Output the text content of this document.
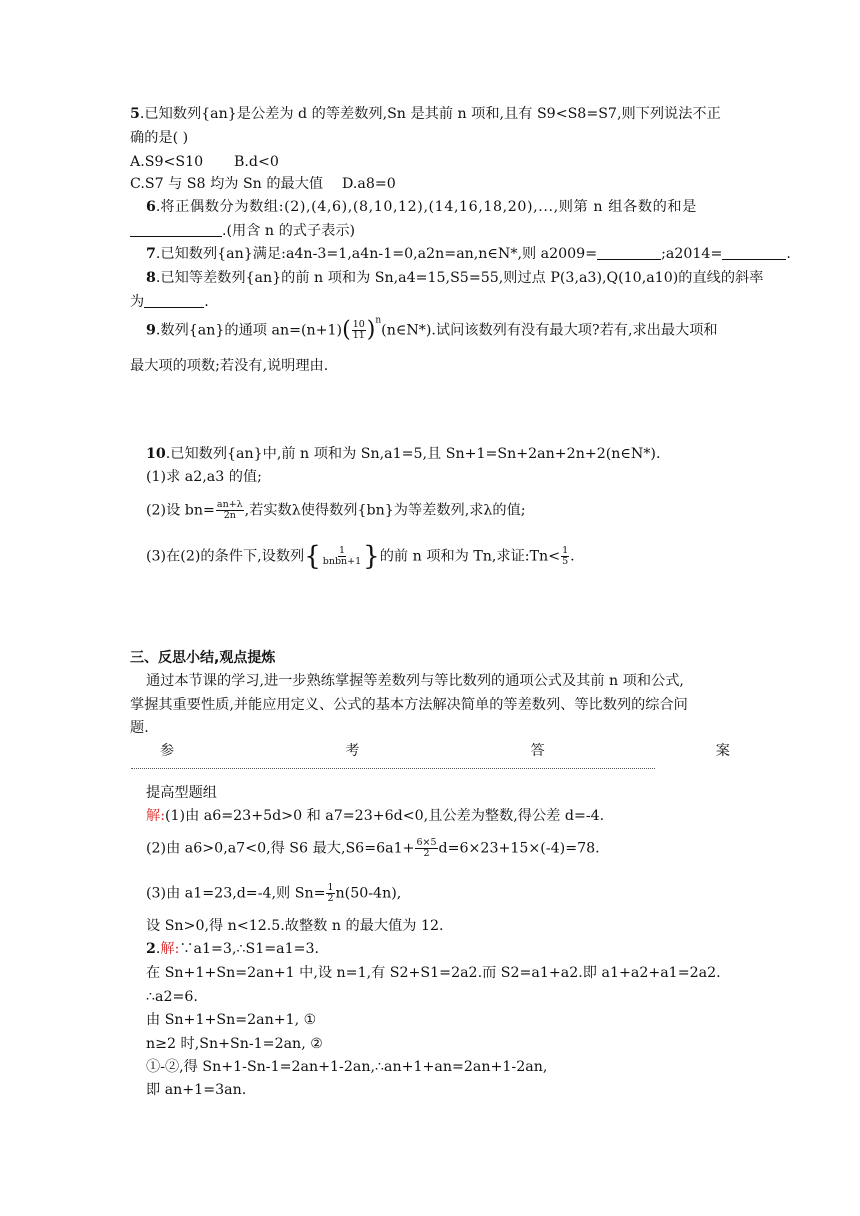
5.已知数列{an}是公差为 d 的等差数列,Sn 是其前 n 项和,且有 S9<S8=S7,则下列说法不正
确的是( )
A.S9<S10 B.d<0
C.S7 与 S8 均为 Sn 的最大值 D.a8=0
6.将正偶数分为数组:(2),(4,6),(8,10,12),(14,16,18,20),...,则第 n 组各数的和是
.(用含 n 的式子表示)
7.已知数列{an}满足:a4n-3=1,a4n-1=0,a2n=an,n∈N*,则 a2009=	;a2014=	.
8.已知等差数列{an}的前 n 项和为 Sn,a4=15,S5=55,则过点 P(3,a3),Q(10,a10)的直线的斜率
为	.
9.数列{an}的通项 $an=(n+1)( \frac{10}{11}$ )$^n(n\in N*)$.试问该数列有没有最大项?若有,求出最大项和
最大项的项数;若没有,说明理由.
10.已知数列{an}中,前 n 项和为 Sn,a1=5,且 Sn+1=Sn+2an+2n+2(n∈N*).
(1)求 a2,a3 的值;
(2)设 $bn= \frac{an+\lambda}{2n}$ ,若实数λ使得数列{bn}为等差数列,求λ的值;
(3)在(2)的条件下,设数列{ $\frac{1}{\text{bnbn+1}}$ }的前 n 项和为 Tn,求证:Tn< $\frac{1}{5}$ .
三、反思小结,观点提炼
通过本节课的学习,进一步熟练掌握等差数列与等比数列的通项公式及其前 n 项和公式,
掌握其重要性质,并能应用定义、公式的基本方法解决简单的等差数列、等比数列的综合问
题.
参	考	答	案
提高型题组
解:(1)由 a6=23+5d>0 和 a7=23+6d<0,且公差为整数,得公差 d=-4.
(2)由 a6>0,a7<0,得 S6 最大$,S6=6a1+ \frac{6\times 5}{2} d=6\times 23+15\times(-4)=78$.
(3)由 a1=23,d=-4,则 $Sn= \frac{1}{2} n(50-4n)$,
设 Sn>0,得 n<12.5.故整数 n 的最大值为 12.
2.解:∵a1=3,∴S1=a1=3.
在 Sn+1+Sn=2an+1 中,设 n=1,有 S2+S1=2a2.而 S2=a1+a2.即 a1+a2+a1=2a2.
∴a2=6.
由 Sn+1+Sn=2an+1, ①
n≥2 时,Sn+Sn-1=2an, ②
①-②,得 Sn+1-Sn-1=2an+1-2an,∴an+1+an=2an+1-2an,
即 an+1=3an.
